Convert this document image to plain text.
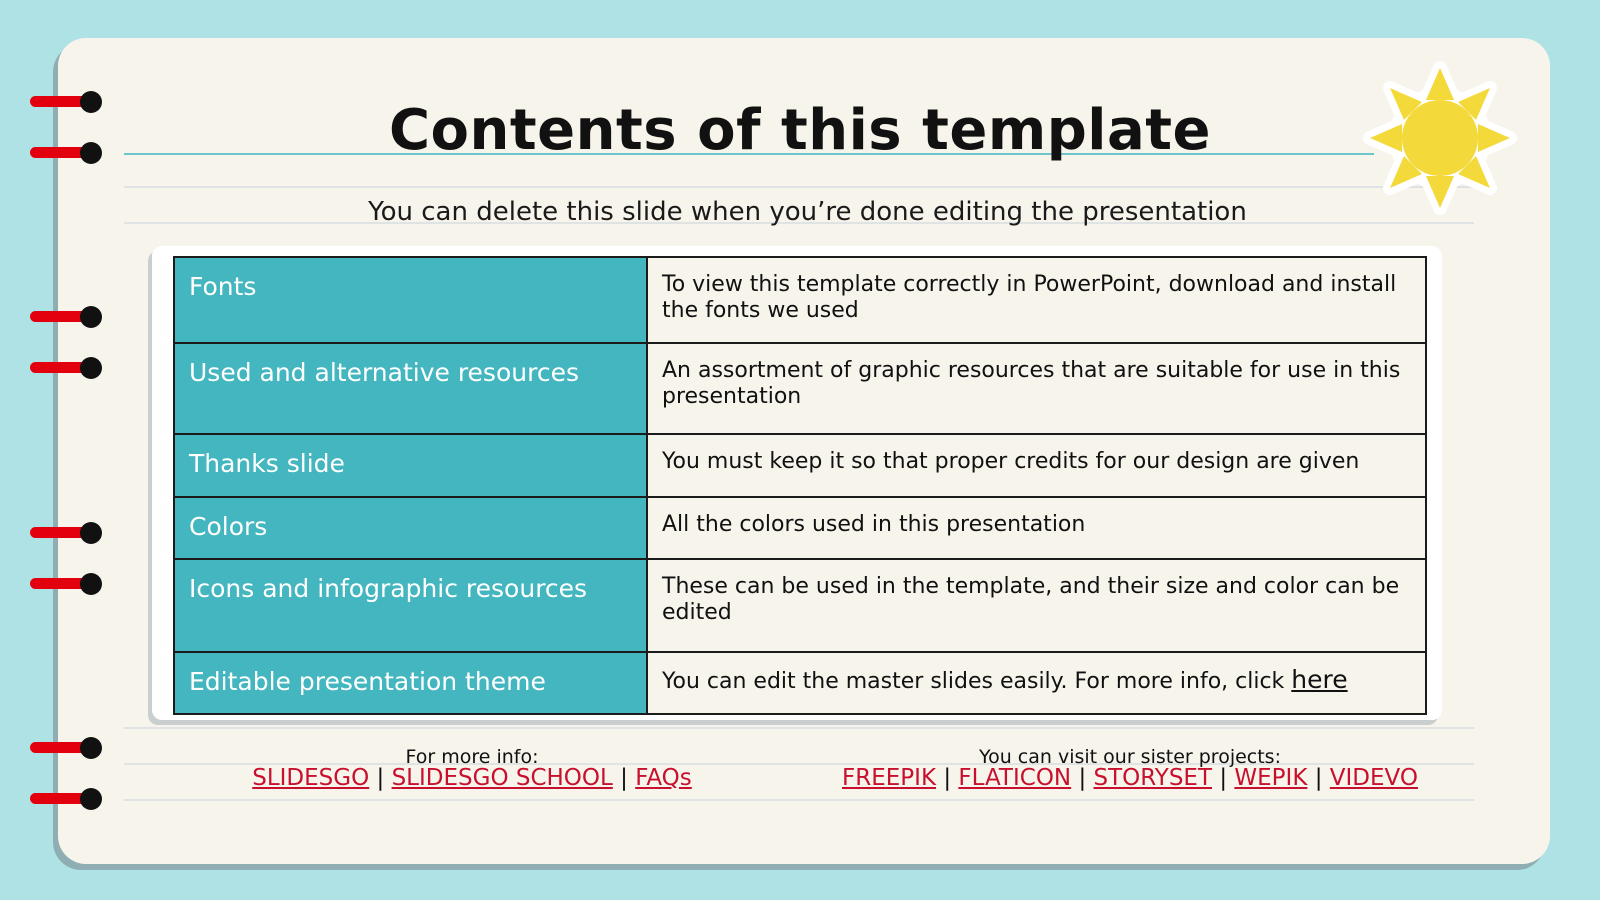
Contents of this template
You can delete this slide when you’re done editing the presentation
Fonts	To view this template correctly in PowerPoint, download and install the fonts we used
Used and alternative resources	An assortment of graphic resources that are suitable for use in this presentation
Thanks slide	You must keep it so that proper credits for our design are given
Colors	All the colors used in this presentation
Icons and infographic resources	These can be used in the template, and their size and color can be edited
Editable presentation theme	You can edit the master slides easily. For more info, click here
For more info:
SLIDESGO | SLIDESGO SCHOOL | FAQs
You can visit our sister projects:
FREEPIK | FLATICON | STORYSET | WEPIK | VIDEVO
